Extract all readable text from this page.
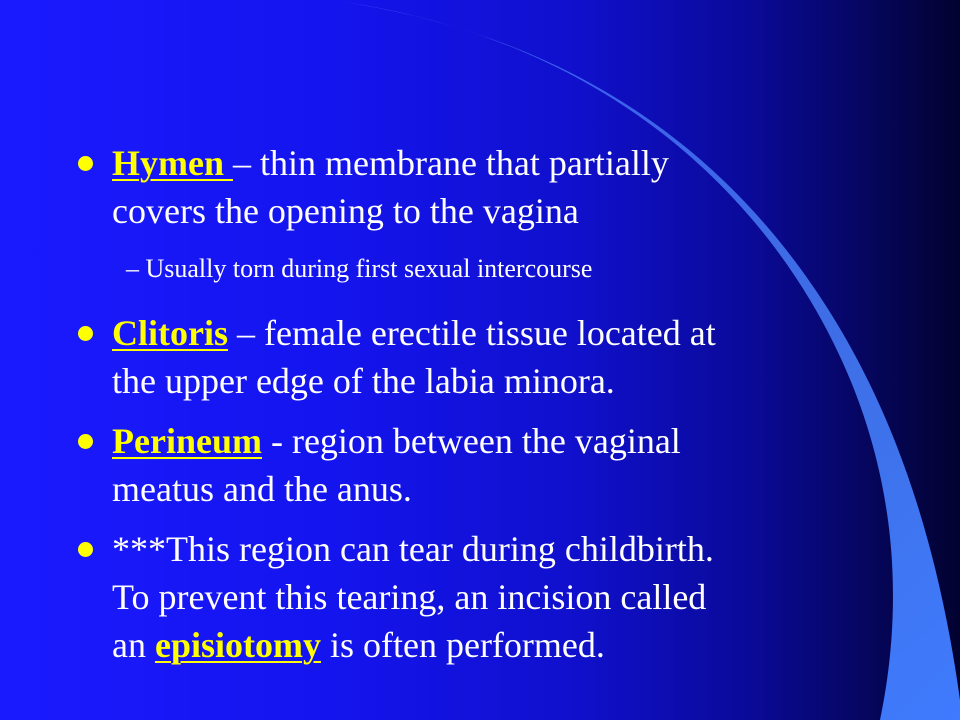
Hymen – thin membrane that partially
covers the opening to the vagina
– Usually torn during first sexual intercourse
Clitoris – female erectile tissue located at
the upper edge of the labia minora.
Perineum - region between the vaginal
meatus and the anus.
***This region can tear during childbirth.
To prevent this tearing, an incision called
an episiotomy is often performed.
